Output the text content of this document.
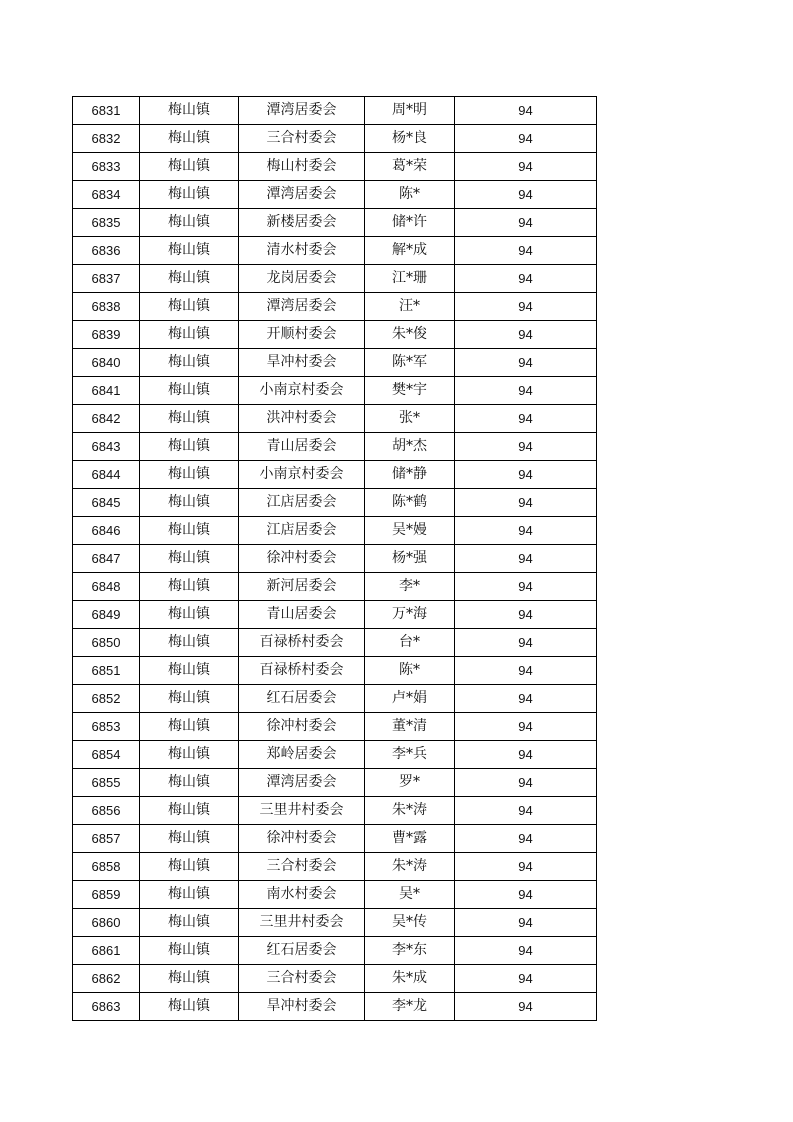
6831	梅山镇	潭湾居委会	周*明	94
6832	梅山镇	三合村委会	杨*良	94
6833	梅山镇	梅山村委会	葛*荣	94
6834	梅山镇	潭湾居委会	陈*	94
6835	梅山镇	新楼居委会	储*许	94
6836	梅山镇	清水村委会	解*成	94
6837	梅山镇	龙岗居委会	江*珊	94
6838	梅山镇	潭湾居委会	汪*	94
6839	梅山镇	开顺村委会	朱*俊	94
6840	梅山镇	旱冲村委会	陈*军	94
6841	梅山镇	小南京村委会	樊*宇	94
6842	梅山镇	洪冲村委会	张*	94
6843	梅山镇	青山居委会	胡*杰	94
6844	梅山镇	小南京村委会	储*静	94
6845	梅山镇	江店居委会	陈*鹤	94
6846	梅山镇	江店居委会	吴*嫚	94
6847	梅山镇	徐冲村委会	杨*强	94
6848	梅山镇	新河居委会	李*	94
6849	梅山镇	青山居委会	万*海	94
6850	梅山镇	百禄桥村委会	台*	94
6851	梅山镇	百禄桥村委会	陈*	94
6852	梅山镇	红石居委会	卢*娟	94
6853	梅山镇	徐冲村委会	董*清	94
6854	梅山镇	郑岭居委会	李*兵	94
6855	梅山镇	潭湾居委会	罗*	94
6856	梅山镇	三里井村委会	朱*涛	94
6857	梅山镇	徐冲村委会	曹*露	94
6858	梅山镇	三合村委会	朱*涛	94
6859	梅山镇	南水村委会	吴*	94
6860	梅山镇	三里井村委会	吴*传	94
6861	梅山镇	红石居委会	李*东	94
6862	梅山镇	三合村委会	朱*成	94
6863	梅山镇	旱冲村委会	李*龙	94
